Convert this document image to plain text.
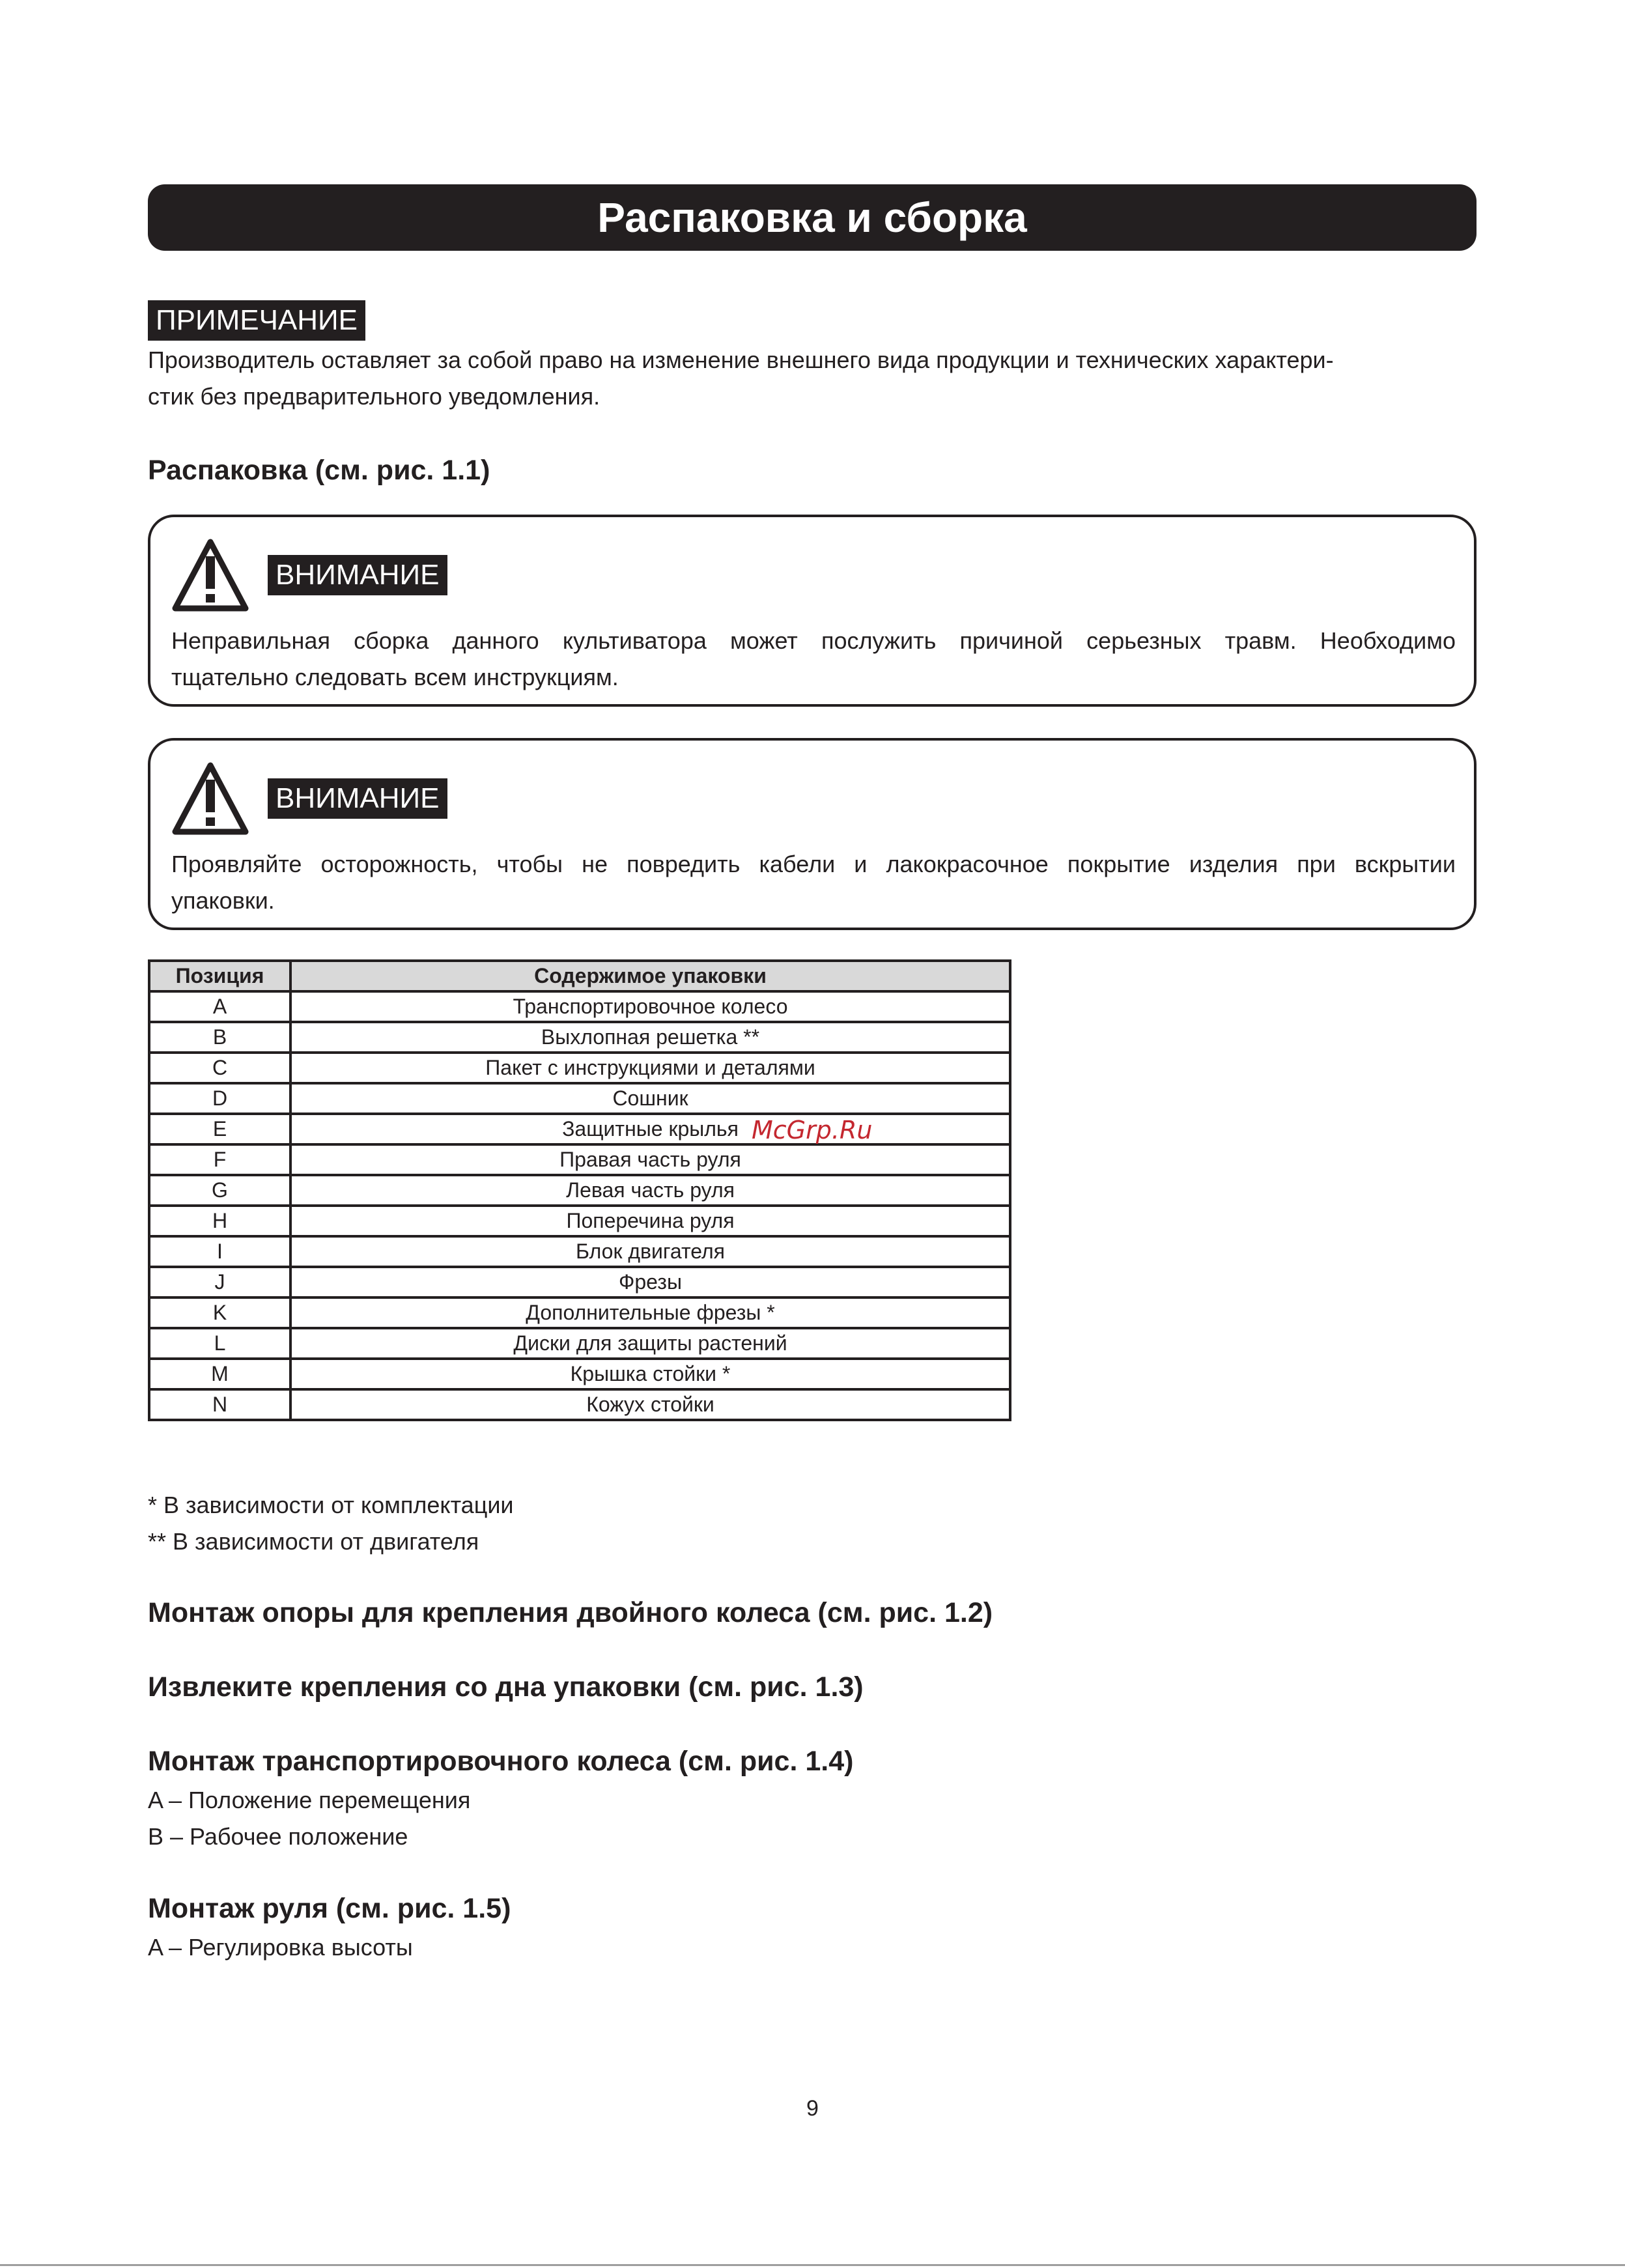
Распаковка и сборка
ПРИМЕЧАНИЕ
Производитель оставляет за собой право на изменение внешнего вида продукции и технических характери-
стик без предварительного уведомления.
Распаковка (см. рис. 1.1)
ВНИМАНИЕ
Неправильная сборка данного культиватора может послужить причиной серьезных травм. Необходимо
тщательно следовать всем инструкциям.
ВНИМАНИЕ
Проявляйте осторожность, чтобы не повредить кабели и лакокрасочное покрытие изделия при вскрытии
упаковки.
Позиция	Содержимое упаковки
A	Транспортировочное колесо
B	Выхлопная решетка **
C	Пакет с инструкциями и деталями
D	Сошник
E	Защитные крылья
F	Правая часть руля
G	Левая часть руля
H	Поперечина руля
I	Блок двигателя
J	Фрезы
K	Дополнительные фрезы *
L	Диски для защиты растений
M	Крышка стойки *
N	Кожух стойки
McGrp.Ru
* В зависимости от комплектации
** В зависимости от двигателя
Монтаж опоры для крепления двойного колеса (см. рис. 1.2)
Извлеките крепления со дна упаковки (см. рис. 1.3)
Монтаж транспортировочного колеса (см. рис. 1.4)
A – Положение перемещения
B – Рабочее положение
Монтаж руля (см. рис. 1.5)
A – Регулировка высоты
9
